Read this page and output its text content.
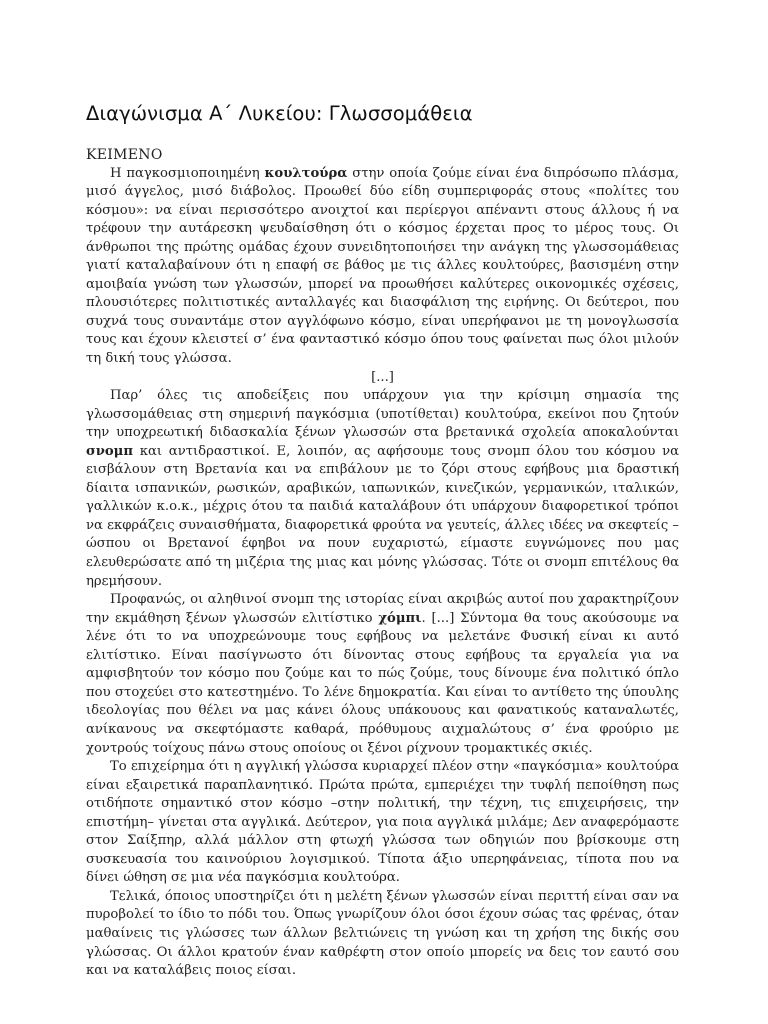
Διαγώνισμα Α΄ Λυκείου: Γλωσσομάθεια
ΚΕΙΜΕΝΟ

Η παγκοσμιοποιημένη κουλτούρα στην οποία ζούμε είναι ένα διπρόσωπο πλάσμα, μισό άγγελος, μισό διάβολος. Προωθεί δύο είδη συμπεριφοράς στους «πολίτες του κόσμου»: να είναι περισσότερο ανοιχτοί και περίεργοι απέναντι στους άλλους ή να τρέφουν την αυτάρεσκη ψευδαίσθηση ότι ο κόσμος έρχεται προς το μέρος τους. Οι άνθρωποι της πρώτης ομάδας έχουν συνειδητοποιήσει την ανάγκη της γλωσσομάθειας γιατί καταλαβαίνουν ότι η επαφή σε βάθος με τις άλλες κουλτούρες, βασισμένη στην αμοιβαία γνώση των γλωσσών, μπορεί να προωθήσει καλύτερες οικονομικές σχέσεις, πλουσιότερες πολιτιστικές ανταλλαγές και διασφάλιση της ειρήνης. Οι δεύτεροι, που συχνά τους συναντάμε στον αγγλόφωνο κόσμο, είναι υπερήφανοι με τη μονογλωσσία τους και έχουν κλειστεί σ’ ένα φανταστικό κόσμο όπου τους φαίνεται πως όλοι μιλούν τη δική τους γλώσσα.

[...]

Παρ’ όλες τις αποδείξεις που υπάρχουν για την κρίσιμη σημασία της γλωσσομάθειας στη σημερινή παγκόσμια (υποτίθεται) κουλτούρα, εκείνοι που ζητούν την υποχρεωτική διδασκαλία ξένων γλωσσών στα βρετανικά σχολεία αποκαλούνται σνομπ και αντιδραστικοί. Ε, λοιπόν, ας αφήσουμε τους σνομπ όλου του κόσμου να εισβάλουν στη Βρετανία και να επιβάλουν με το ζόρι στους εφήβους μια δραστική δίαιτα ισπανικών, ρωσικών, αραβικών, ιαπωνικών, κινεζικών, γερμανικών, ιταλικών, γαλλικών κ.ο.κ., μέχρις ότου τα παιδιά καταλάβουν ότι υπάρχουν διαφορετικοί τρόποι να εκφράζεις συναισθήματα, διαφορετικά φρούτα να γευτείς, άλλες ιδέες να σκεφτείς – ώσπου οι Βρετανοί έφηβοι να πουν ευχαριστώ, είμαστε ευγνώμονες που μας ελευθερώσατε από τη μιζέρια της μιας και μόνης γλώσσας. Τότε οι σνομπ επιτέλους θα ηρεμήσουν.

Προφανώς, οι αληθινοί σνομπ της ιστορίας είναι ακριβώς αυτοί που χαρακτηρίζουν την εκμάθηση ξένων γλωσσών ελιτίστικο χόμπι. [...] Σύντομα θα τους ακούσουμε να λένε ότι το να υποχρεώνουμε τους εφήβους να μελετάνε Φυσική είναι κι αυτό ελιτίστικο. Είναι πασίγνωστο ότι δίνοντας στους εφήβους τα εργαλεία για να αμφισβητούν τον κόσμο που ζούμε και το πώς ζούμε, τους δίνουμε ένα πολιτικό όπλο που στοχεύει στο κατεστημένο. Το λένε δημοκρατία. Και είναι το αντίθετο της ύπουλης ιδεολογίας που θέλει να μας κάνει όλους υπάκουους και φανατικούς καταναλωτές, ανίκανους να σκεφτόμαστε καθαρά, πρόθυμους αιχμαλώτους σ’ ένα φρούριο με χοντρούς τοίχους πάνω στους οποίους οι ξένοι ρίχνουν τρομακτικές σκιές.

Το επιχείρημα ότι η αγγλική γλώσσα κυριαρχεί πλέον στην «παγκόσμια» κουλτούρα είναι εξαιρετικά παραπλανητικό. Πρώτα πρώτα, εμπεριέχει την τυφλή πεποίθηση πως οτιδήποτε σημαντικό στον κόσμο –στην πολιτική, την τέχνη, τις επιχειρήσεις, την επιστήμη– γίνεται στα αγγλικά. Δεύτερον, για ποια αγγλικά μιλάμε; Δεν αναφερόμαστε στον Σαίξπηρ, αλλά μάλλον στη φτωχή γλώσσα των οδηγιών που βρίσκουμε στη συσκευασία του καινούριου λογισμικού. Τίποτα άξιο υπερηφάνειας, τίποτα που να δίνει ώθηση σε μια νέα παγκόσμια κουλτούρα.

Τελικά, όποιος υποστηρίζει ότι η μελέτη ξένων γλωσσών είναι περιττή είναι σαν να πυροβολεί το ίδιο το πόδι του. Όπως γνωρίζουν όλοι όσοι έχουν σώας τας φρένας, όταν μαθαίνεις τις γλώσσες των άλλων βελτιώνεις τη γνώση και τη χρήση της δικής σου γλώσσας. Οι άλλοι κρατούν έναν καθρέφτη στον οποίο μπορείς να δεις τον εαυτό σου και να καταλάβεις ποιος είσαι.
